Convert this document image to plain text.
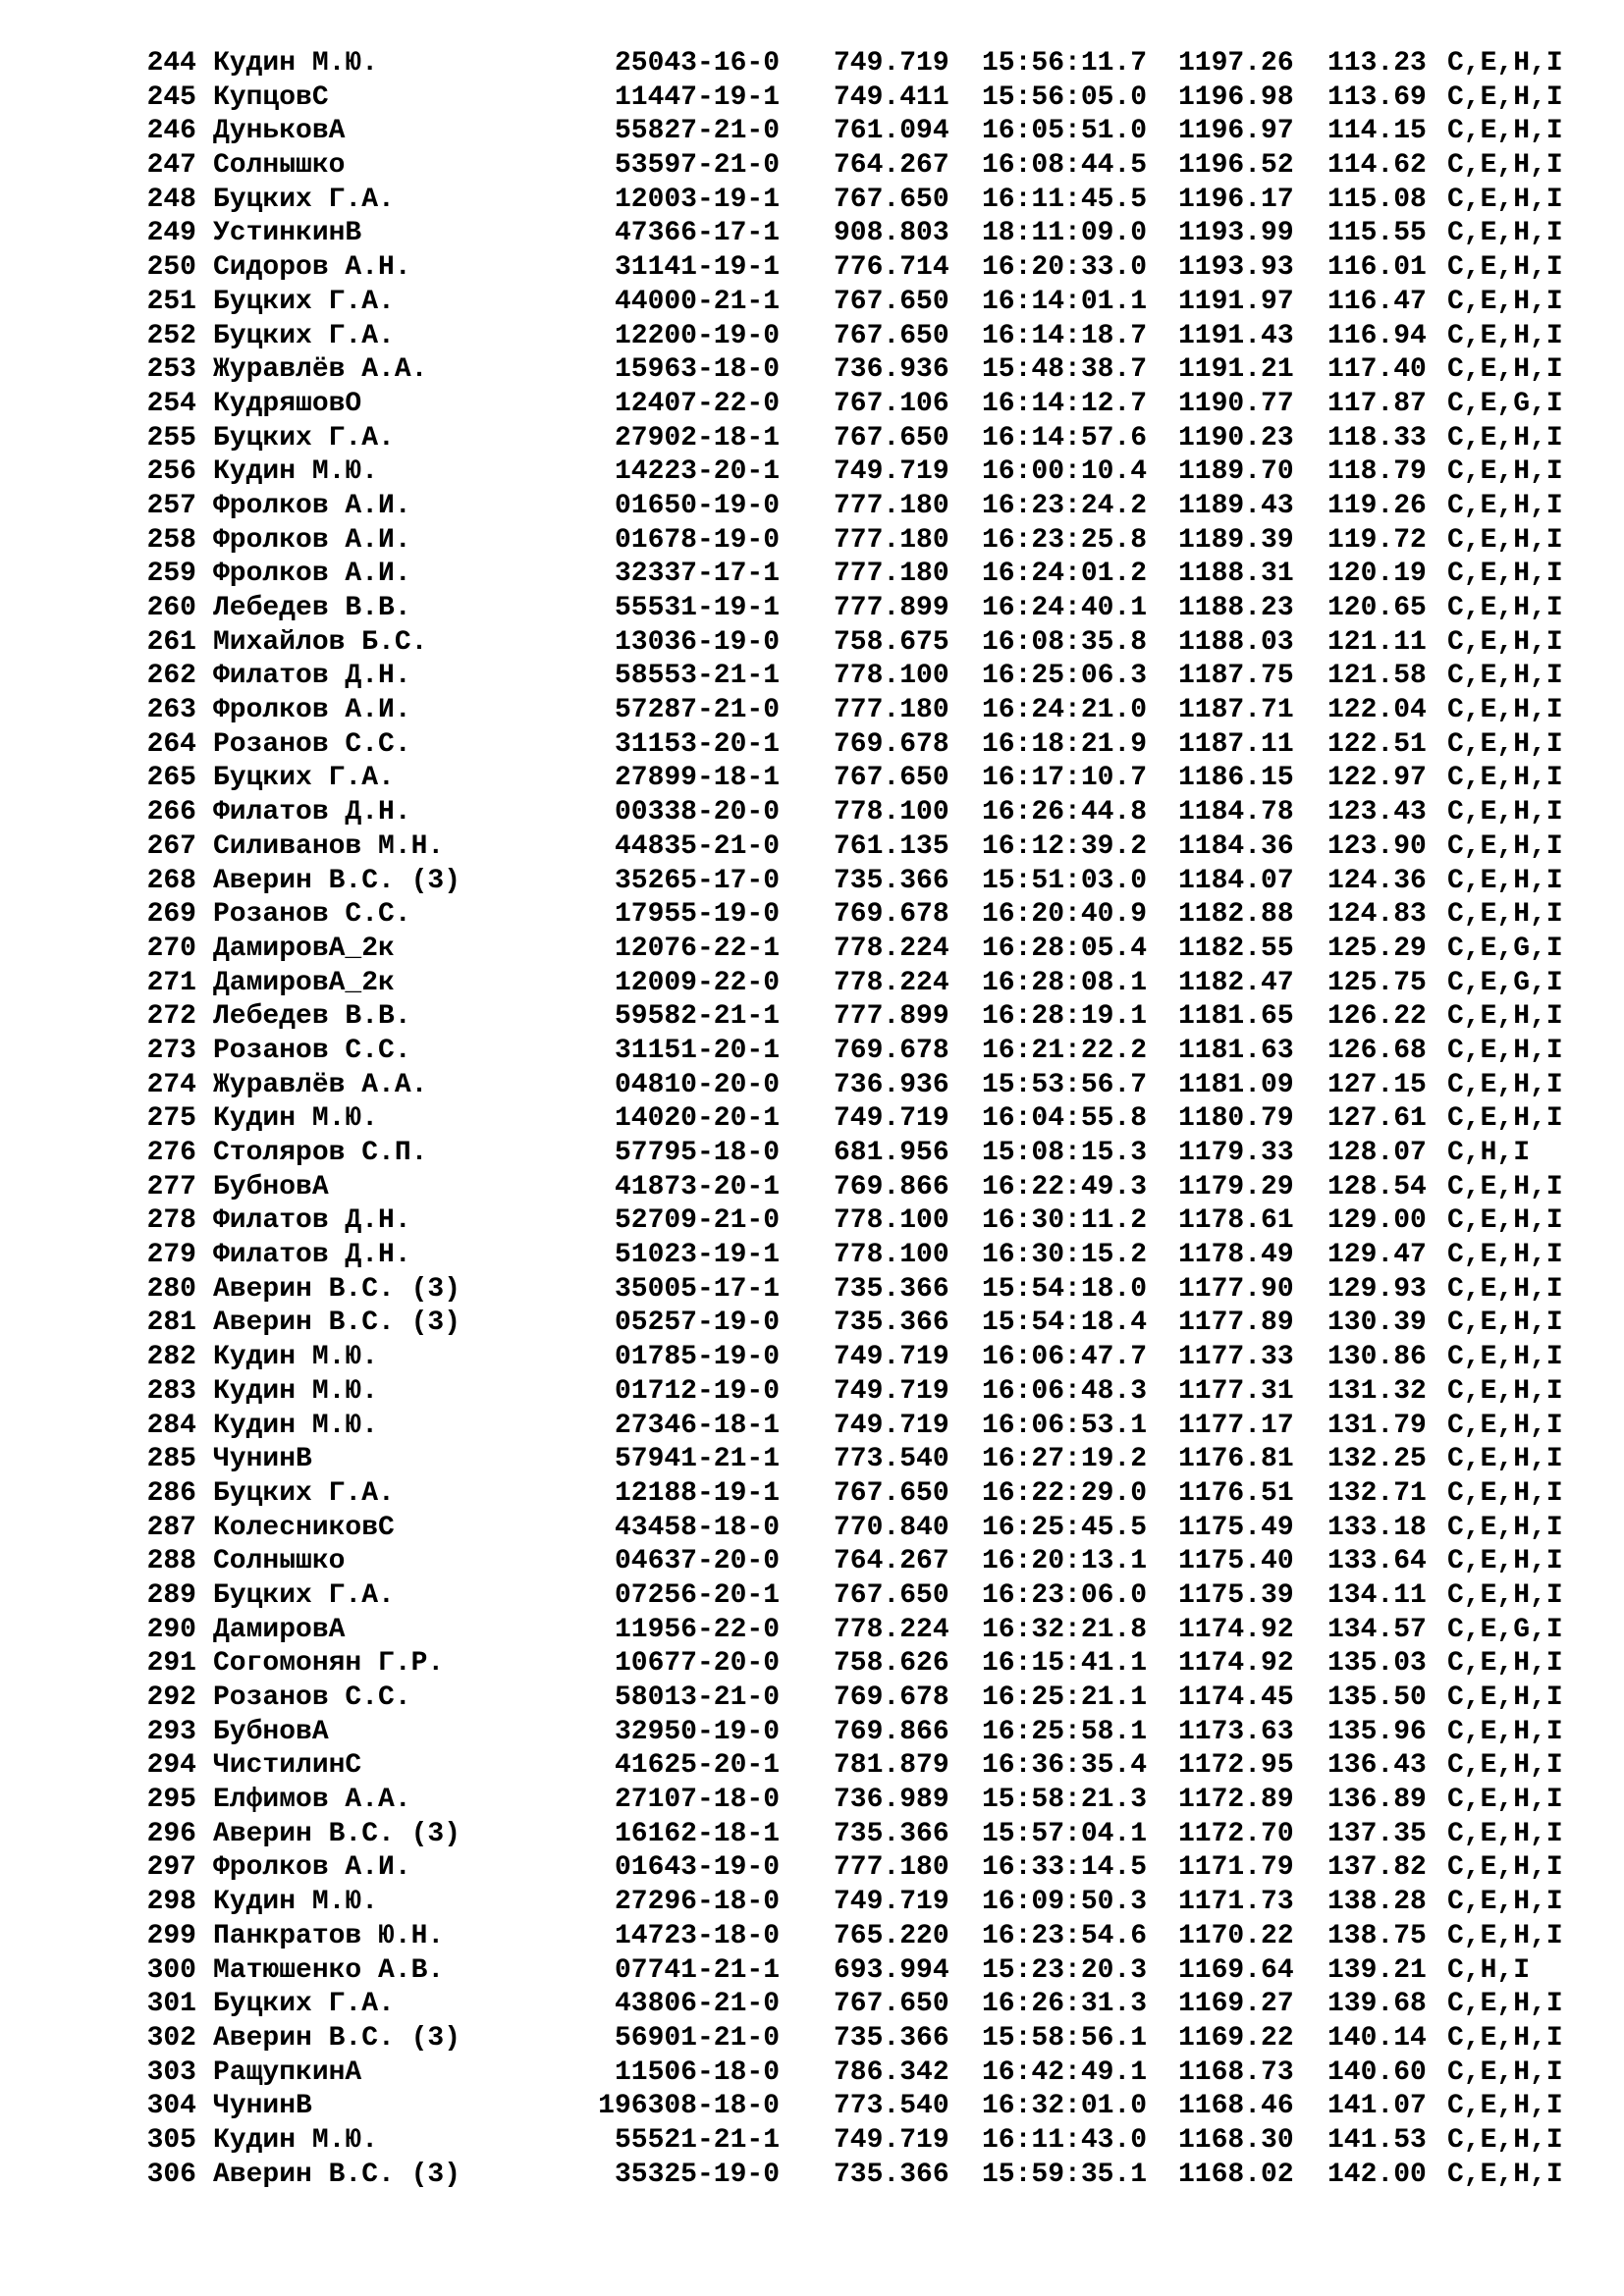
244 Кудин М.Ю.	25043-16-0 749.719 15:56:11.7 1197.26 113.23 C,E,H,I
245 КупцовС	11447-19-1 749.411 15:56:05.0 1196.98 113.69 C,E,H,I
246 ДуньковА	55827-21-0 761.094 16:05:51.0 1196.97 114.15 C,E,H,I
247 Солнышко	53597-21-0 764.267 16:08:44.5 1196.52 114.62 C,E,H,I
248 Буцких Г.А.	12003-19-1 767.650 16:11:45.5 1196.17 115.08 C,E,H,I
249 УстинкинВ	47366-17-1 908.803 18:11:09.0 1193.99 115.55 C,E,H,I
250 Сидоров А.Н.	31141-19-1 776.714 16:20:33.0 1193.93 116.01 C,E,H,I
251 Буцких Г.А.	44000-21-1 767.650 16:14:01.1 1191.97 116.47 C,E,H,I
252 Буцких Г.А.	12200-19-0 767.650 16:14:18.7 1191.43 116.94 C,E,H,I
253 Журавлёв А.А.	15963-18-0 736.936 15:48:38.7 1191.21 117.40 C,E,H,I
254 КудряшовО	12407-22-0 767.106 16:14:12.7 1190.77 117.87 C,E,G,I
255 Буцких Г.А.	27902-18-1 767.650 16:14:57.6 1190.23 118.33 C,E,H,I
256 Кудин М.Ю.	14223-20-1 749.719 16:00:10.4 1189.70 118.79 C,E,H,I
257 Фролков А.И.	01650-19-0 777.180 16:23:24.2 1189.43 119.26 C,E,H,I
258 Фролков А.И.	01678-19-0 777.180 16:23:25.8 1189.39 119.72 C,E,H,I
259 Фролков А.И.	32337-17-1 777.180 16:24:01.2 1188.31 120.19 C,E,H,I
260 Лебедев В.В.	55531-19-1 777.899 16:24:40.1 1188.23 120.65 C,E,H,I
261 Михайлов Б.С.	13036-19-0 758.675 16:08:35.8 1188.03 121.11 C,E,H,I
262 Филатов Д.Н.	58553-21-1 778.100 16:25:06.3 1187.75 121.58 C,E,H,I
263 Фролков А.И.	57287-21-0 777.180 16:24:21.0 1187.71 122.04 C,E,H,I
264 Розанов С.С.	31153-20-1 769.678 16:18:21.9 1187.11 122.51 C,E,H,I
265 Буцких Г.А.	27899-18-1 767.650 16:17:10.7 1186.15 122.97 C,E,H,I
266 Филатов Д.Н.	00338-20-0 778.100 16:26:44.8 1184.78 123.43 C,E,H,I
267 Силиванов М.Н.	44835-21-0 761.135 16:12:39.2 1184.36 123.90 C,E,H,I
268 Аверин В.С. (3)	35265-17-0 735.366 15:51:03.0 1184.07 124.36 C,E,H,I
269 Розанов С.С.	17955-19-0 769.678 16:20:40.9 1182.88 124.83 C,E,H,I
270 ДамировА_2к	12076-22-1 778.224 16:28:05.4 1182.55 125.29 C,E,G,I
271 ДамировА_2к	12009-22-0 778.224 16:28:08.1 1182.47 125.75 C,E,G,I
272 Лебедев В.В.	59582-21-1 777.899 16:28:19.1 1181.65 126.22 C,E,H,I
273 Розанов С.С.	31151-20-1 769.678 16:21:22.2 1181.63 126.68 C,E,H,I
274 Журавлёв А.А.	04810-20-0 736.936 15:53:56.7 1181.09 127.15 C,E,H,I
275 Кудин М.Ю.	14020-20-1 749.719 16:04:55.8 1180.79 127.61 C,E,H,I
276 Столяров С.П.	57795-18-0 681.956 15:08:15.3 1179.33 128.07 C,H,I
277 БубновА	41873-20-1 769.866 16:22:49.3 1179.29 128.54 C,E,H,I
278 Филатов Д.Н.	52709-21-0 778.100 16:30:11.2 1178.61 129.00 C,E,H,I
279 Филатов Д.Н.	51023-19-1 778.100 16:30:15.2 1178.49 129.47 C,E,H,I
280 Аверин В.С. (3)	35005-17-1 735.366 15:54:18.0 1177.90 129.93 C,E,H,I
281 Аверин В.С. (3)	05257-19-0 735.366 15:54:18.4 1177.89 130.39 C,E,H,I
282 Кудин М.Ю.	01785-19-0 749.719 16:06:47.7 1177.33 130.86 C,E,H,I
283 Кудин М.Ю.	01712-19-0 749.719 16:06:48.3 1177.31 131.32 C,E,H,I
284 Кудин М.Ю.	27346-18-1 749.719 16:06:53.1 1177.17 131.79 C,E,H,I
285 ЧунинВ	57941-21-1 773.540 16:27:19.2 1176.81 132.25 C,E,H,I
286 Буцких Г.А.	12188-19-1 767.650 16:22:29.0 1176.51 132.71 C,E,H,I
287 КолесниковС	43458-18-0 770.840 16:25:45.5 1175.49 133.18 C,E,H,I
288 Солнышко	04637-20-0 764.267 16:20:13.1 1175.40 133.64 C,E,H,I
289 Буцких Г.А.	07256-20-1 767.650 16:23:06.0 1175.39 134.11 C,E,H,I
290 ДамировА	11956-22-0 778.224 16:32:21.8 1174.92 134.57 C,E,G,I
291 Согомонян Г.Р.	10677-20-0 758.626 16:15:41.1 1174.92 135.03 C,E,H,I
292 Розанов С.С.	58013-21-0 769.678 16:25:21.1 1174.45 135.50 C,E,H,I
293 БубновА	32950-19-0 769.866 16:25:58.1 1173.63 135.96 C,E,H,I
294 ЧистилинС	41625-20-1 781.879 16:36:35.4 1172.95 136.43 C,E,H,I
295 Елфимов А.А.	27107-18-0 736.989 15:58:21.3 1172.89 136.89 C,E,H,I
296 Аверин В.С. (3)	16162-18-1 735.366 15:57:04.1 1172.70 137.35 C,E,H,I
297 Фролков А.И.	01643-19-0 777.180 16:33:14.5 1171.79 137.82 C,E,H,I
298 Кудин М.Ю.	27296-18-0 749.719 16:09:50.3 1171.73 138.28 C,E,H,I
299 Панкратов Ю.Н.	14723-18-0 765.220 16:23:54.6 1170.22 138.75 C,E,H,I
300 Матюшенко А.В.	07741-21-1 693.994 15:23:20.3 1169.64 139.21 C,H,I
301 Буцких Г.А.	43806-21-0 767.650 16:26:31.3 1169.27 139.68 C,E,H,I
302 Аверин В.С. (3)	56901-21-0 735.366 15:58:56.1 1169.22 140.14 C,E,H,I
303 РащупкинА	11506-18-0 786.342 16:42:49.1 1168.73 140.60 C,E,H,I
304 ЧунинВ	196308-18-0 773.540 16:32:01.0 1168.46 141.07 C,E,H,I
305 Кудин М.Ю.	55521-21-1 749.719 16:11:43.0 1168.30 141.53 C,E,H,I
306 Аверин В.С. (3)	35325-19-0 735.366 15:59:35.1 1168.02 142.00 C,E,H,I
